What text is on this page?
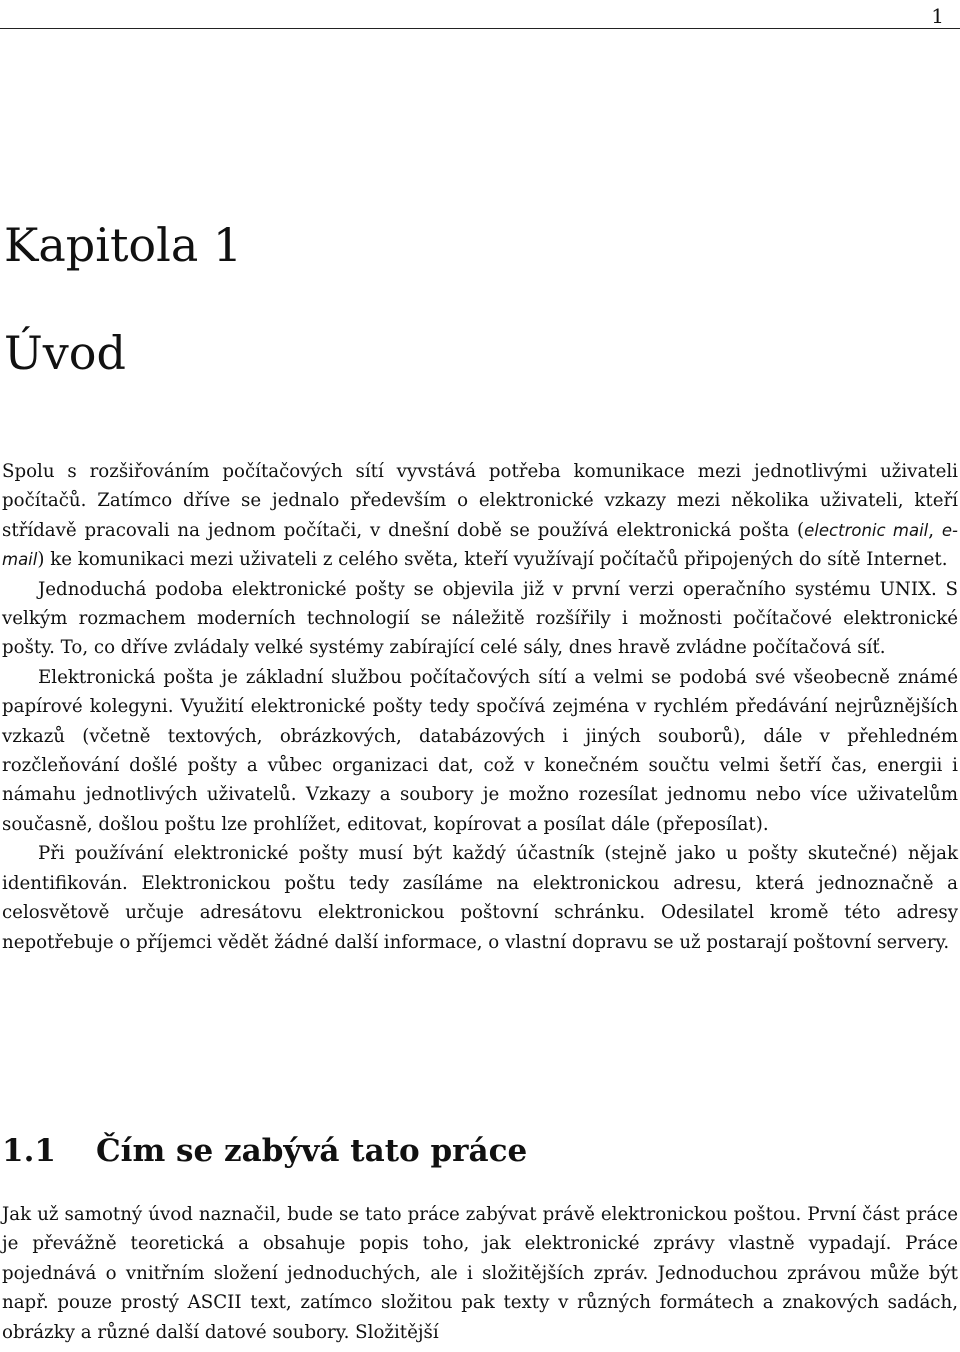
1
Kapitola 1
Úvod

Spolu s rozšiřováním počítačových sítí vyvstává potřeba komunikace mezi jednotlivými uživateli počítačů. Zatímco dříve se jednalo především o elektronické vzkazy mezi několika uživateli, kteří střídavě pracovali na jednom počítači, v dnešní době se používá elektronická pošta (electronic mail, e-mail) ke komunikaci mezi uživateli z celého světa, kteří využívají počítačů připojených do sítě Internet.

Jednoduchá podoba elektronické pošty se objevila již v první verzi operačního systému UNIX. S velkým rozmachem moderních technologií se náležitě rozšířily i možnosti počítačové elektronické pošty. To, co dříve zvládaly velké systémy zabírající celé sály, dnes hravě zvládne počítačová síť.

Elektronická pošta je základní službou počítačových sítí a velmi se podobá své všeobecně známé papírové kolegyni. Využití elektronické pošty tedy spočívá zejména v rychlém předávání nejrůznějších vzkazů (včetně textových, obrázkových, databázových i jiných souborů), dále v přehledném rozčleňování došlé pošty a vůbec organizaci dat, což v konečném součtu velmi šetří čas, energii i námahu jednotlivých uživatelů. Vzkazy a soubory je možno rozesílat jednomu nebo více uživatelům současně, došlou poštu lze prohlížet, editovat, kopírovat a posílat dále (přeposílat).

Při používání elektronické pošty musí být každý účastník (stejně jako u pošty skutečné) nějak identifikován. Elektronickou poštu tedy zasíláme na elektronickou adresu, která jednoznačně a celosvětově určuje adresátovu elektronickou poštovní schránku. Odesilatel kromě této adresy nepotřebuje o příjemci vědět žádné další informace, o vlastní dopravu se už postarají poštovní servery.

1.1 Čím se zabývá tato práce

Jak už samotný úvod naznačil, bude se tato práce zabývat právě elektronickou poštou. První část práce je převážně teoretická a obsahuje popis toho, jak elektronické zprávy vlastně vypadají. Práce pojednává o vnitřním složení jednoduchých, ale i složitějších zpráv. Jednoduchou zprávou může být např. pouze prostý ASCII text, zatímco složitou pak texty v různých formátech a znakových sadách, obrázky a různé další datové soubory. Složitější
